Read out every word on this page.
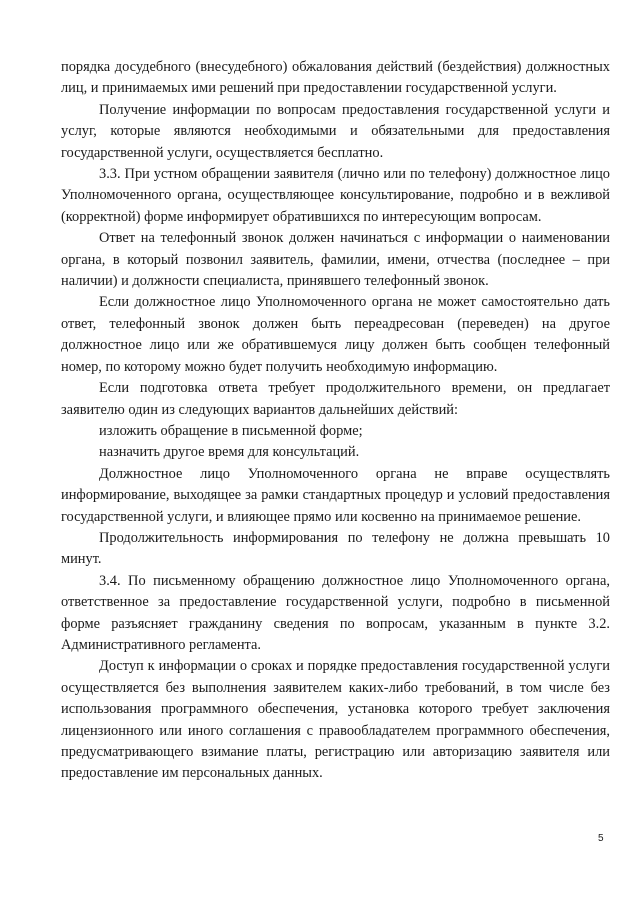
порядка досудебного (внесудебного) обжалования действий (бездействия) должностных лиц, и принимаемых ими решений при предоставлении государственной услуги.

Получение информации по вопросам предоставления государственной услуги и услуг, которые являются необходимыми и обязательными для предоставления государственной услуги, осуществляется бесплатно.

3.3. При устном обращении заявителя (лично или по телефону) должностное лицо Уполномоченного органа, осуществляющее консультирование, подробно и в вежливой (корректной) форме информирует обратившихся по интересующим вопросам.

Ответ на телефонный звонок должен начинаться с информации о наименовании органа, в который позвонил заявитель, фамилии, имени, отчества (последнее – при наличии) и должности специалиста, принявшего телефонный звонок.

Если должностное лицо Уполномоченного органа не может самостоятельно дать ответ, телефонный звонок должен быть переадресован (переведен) на другое должностное лицо или же обратившемуся лицу должен быть сообщен телефонный номер, по которому можно будет получить необходимую информацию.

Если подготовка ответа требует продолжительного времени, он предлагает заявителю один из следующих вариантов дальнейших действий:

изложить обращение в письменной форме;

назначить другое время для консультаций.

Должностное лицо Уполномоченного органа не вправе осуществлять информирование, выходящее за рамки стандартных процедур и условий предоставления государственной услуги, и влияющее прямо или косвенно на принимаемое решение.

Продолжительность информирования по телефону не должна превышать 10 минут.

3.4. По письменному обращению должностное лицо Уполномоченного органа, ответственное за предоставление государственной услуги, подробно в письменной форме разъясняет гражданину сведения по вопросам, указанным в пункте 3.2. Административного регламента.

Доступ к информации о сроках и порядке предоставления государственной услуги осуществляется без выполнения заявителем каких-либо требований, в том числе без использования программного обеспечения, установка которого требует заключения лицензионного или иного соглашения с правообладателем программного обеспечения, предусматривающего взимание платы, регистрацию или авторизацию заявителя или предоставление им персональных данных.

5
